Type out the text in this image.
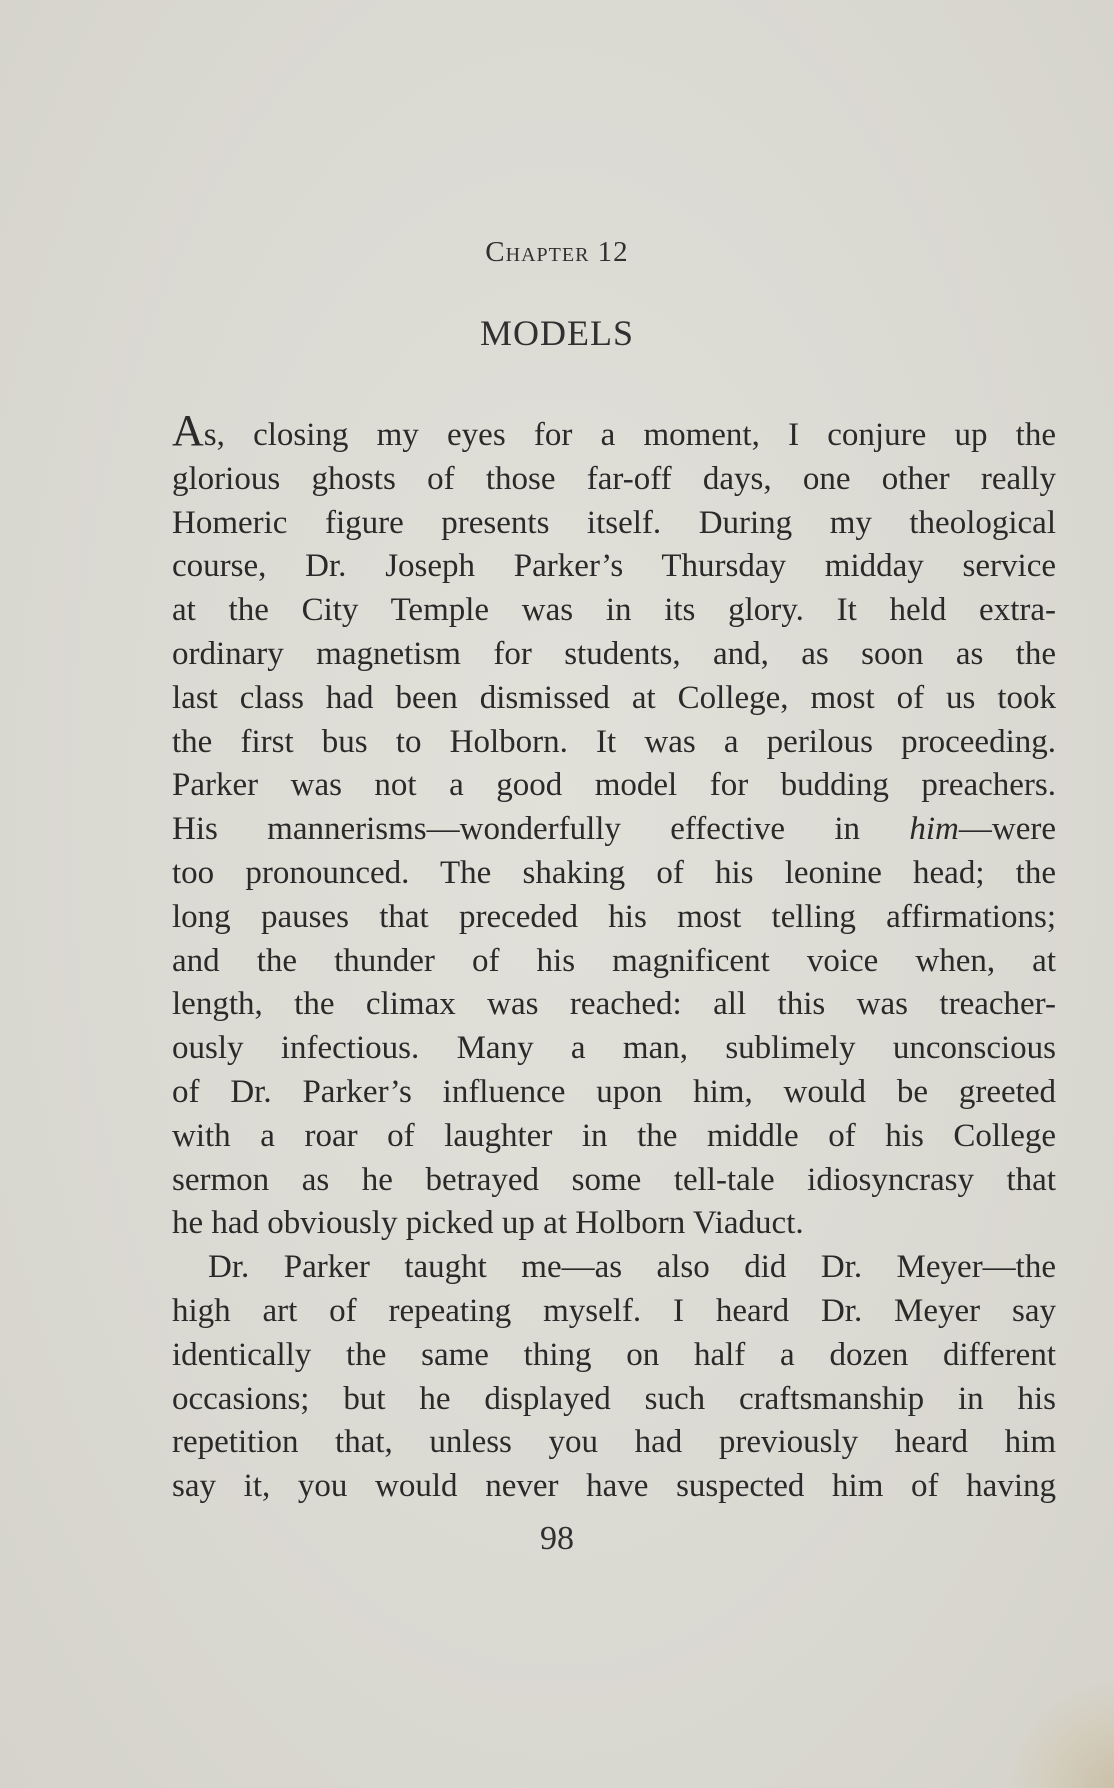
Chapter 12
MODELS
As, closing my eyes for a moment, I conjure up the
glorious ghosts of those far-off days, one other really
Homeric figure presents itself. During my theological
course, Dr. Joseph Parker’s Thursday midday service
at the City Temple was in its glory. It held extra-
ordinary magnetism for students, and, as soon as the
last class had been dismissed at College, most of us took
the first bus to Holborn. It was a perilous proceeding.
Parker was not a good model for budding preachers.
His mannerisms—wonderfully effective in him—were
too pronounced. The shaking of his leonine head; the
long pauses that preceded his most telling affirmations;
and the thunder of his magnificent voice when, at
length, the climax was reached: all this was treacher-
ously infectious. Many a man, sublimely unconscious
of Dr. Parker’s influence upon him, would be greeted
with a roar of laughter in the middle of his College
sermon as he betrayed some tell-tale idiosyncrasy that
he had obviously picked up at Holborn Viaduct.
Dr. Parker taught me—as also did Dr. Meyer—the
high art of repeating myself. I heard Dr. Meyer say
identically the same thing on half a dozen different
occasions; but he displayed such craftsmanship in his
repetition that, unless you had previously heard him
say it, you would never have suspected him of having
98
